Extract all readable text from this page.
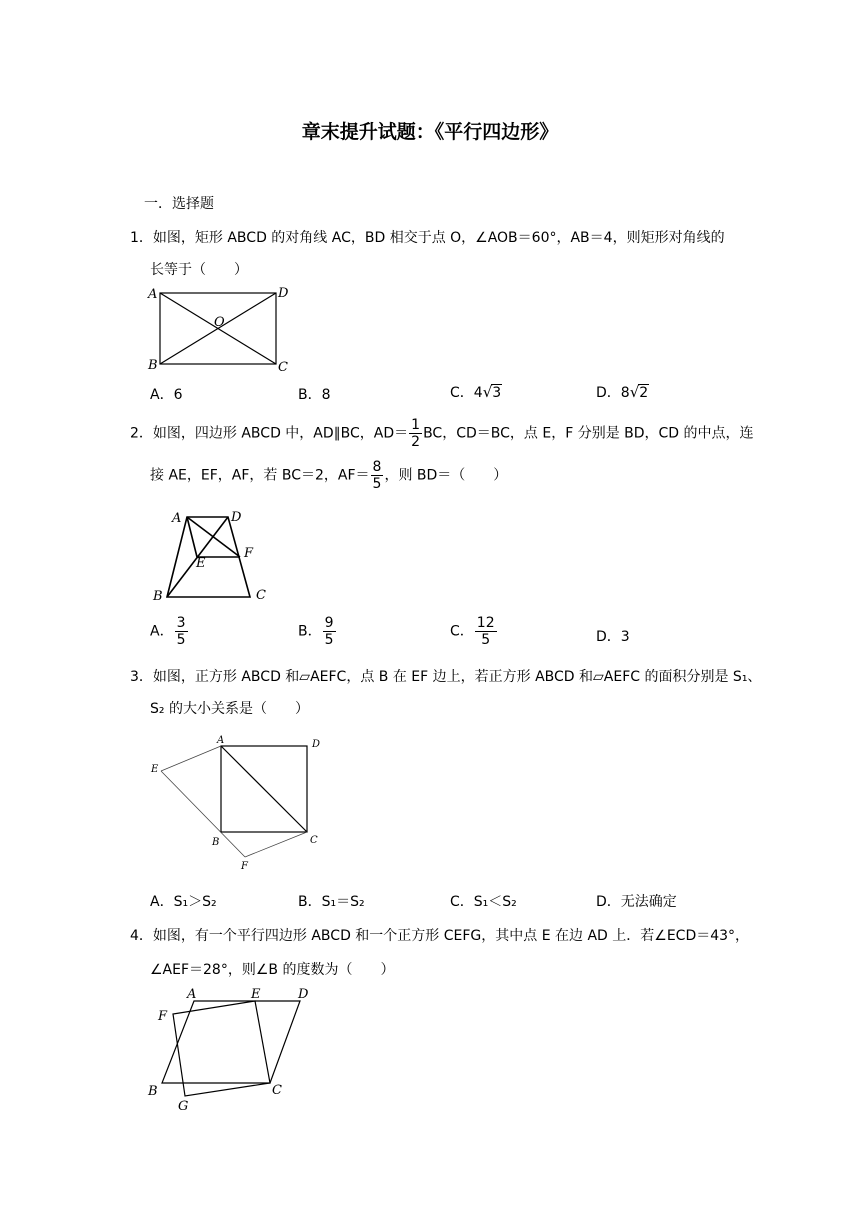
章末提升试题：《平行四边形》
一．选择题
1．如图，矩形 ABCD 的对角线 AC，BD 相交于点 O，∠AOB＝60°，AB＝4，则矩形对角线的
长等于（　　）
A	D
O
B	C
A．6	B．8	C．4√3	D．8√2
2．如图，四边形 ABCD 中，AD∥BC，$AD= \frac{1}{2}$ BC，CD＝BC，点 E，F 分别是 BD，CD 的中点，连
接 AE，EF，AF，若 BC＝2，$AF= \frac{8}{5}$ ，则 BD＝（　　）
A	D
E
F
B	C
A． $\frac{3}{5}$	B． $\frac{9}{5}$	C． $\frac{12}{5}$	D．3
3．如图，正方形 ABCD 和▱AEFC，点 B 在 EF 边上，若正方形 ABCD 和▱AEFC 的面积分别是 S₁、
S₂ 的大小关系是（　　）
A	D
E
B	C
F
A．S₁＞S₂	B．S₁＝S₂	C．S₁＜S₂	D．无法确定
4．如图，有一个平行四边形 ABCD 和一个正方形 CEFG，其中点 E 在边 AD 上．若∠ECD＝43°，
∠AEF＝28°，则∠B 的度数为（　　）
A	E	D
F
B	C
G
